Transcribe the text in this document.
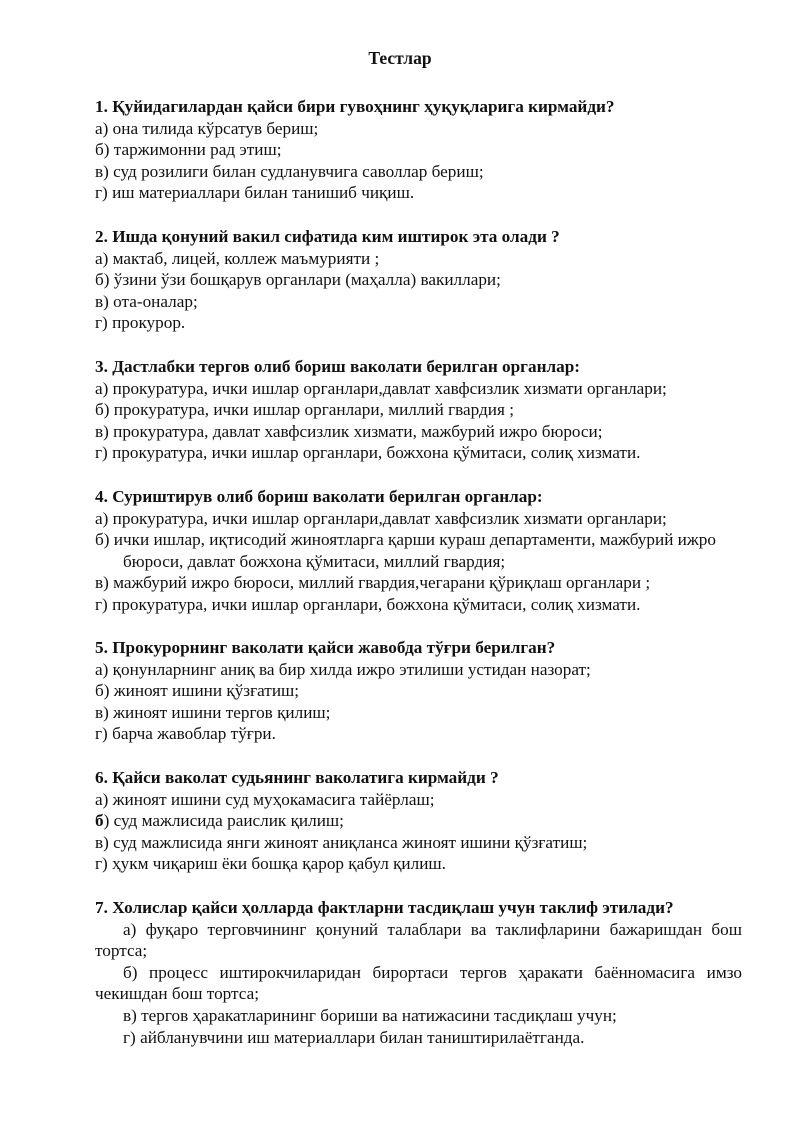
Тестлар
1. Қуйидагилардан қайси бири гувоҳнинг ҳуқуқларига кирмайди?
а) она тилида кўрсатув бериш;
б) таржимонни рад этиш;
в) суд розилиги билан судланувчига саволлар бериш;
г) иш материаллари билан танишиб чиқиш.
2. Ишда қонуний вакил сифатида ким иштирок эта олади ?
а) мактаб, лицей, коллеж маъмурияти ;
б) ўзини ўзи бошқарув органлари (маҳалла) вакиллари;
в) ота-оналар;
г) прокурор.
3. Дастлабки тергов олиб бориш ваколати берилган органлар:
а) прокуратура, ички ишлар органлари,давлат хавфсизлик хизмати органлари;
б) прокуратура, ички ишлар органлари, миллий гвардия ;
в) прокуратура, давлат хавфсизлик хизмати, мажбурий ижро бюроси;
г) прокуратура, ички ишлар органлари, божхона қўмитаси, солиқ хизмати.
4. Суриштирув олиб бориш ваколати берилган органлар:
а) прокуратура, ички ишлар органлари,давлат хавфсизлик хизмати органлари;
б) ички ишлар, иқтисодий жиноятларга қарши кураш департаменти, мажбурий ижро бюроси, давлат божхона қўмитаси, миллий гвардия;
в) мажбурий ижро бюроси, миллий гвардия,чегарани қўриқлаш органлари ;
г) прокуратура, ички ишлар органлари, божхона қўмитаси, солиқ хизмати.
5. Прокурорнинг ваколати қайси жавобда тўғри берилган?
а) қонунларнинг аниқ ва бир хилда ижро этилиши устидан назорат;
б) жиноят ишини қўзғатиш;
в) жиноят ишини тергов қилиш;
г) барча жавоблар тўғри.
6. Қайси ваколат судьянинг ваколатига кирмайди ?
а) жиноят ишини суд муҳокамасига тайёрлаш;
б) суд мажлисида раислик қилиш;
в) суд мажлисида янги жиноят аниқланса жиноят ишини қўзғатиш;
г) ҳукм чиқариш ёки бошқа қарор қабул қилиш.
7. Холислар қайси ҳолларда фактларни тасдиқлаш учун таклиф этилади?
а) фуқаро терговчининг қонуний талаблари ва таклифларини бажаришдан бош тортса;
б) процесс иштирокчиларидан бирортаси тергов ҳаракати баённомасига имзо чекишдан бош тортса;
в) тергов ҳаракатларининг бориши ва натижасини тасдиқлаш учун;
г) айбланувчини иш материаллари билан таништирилаётганда.
